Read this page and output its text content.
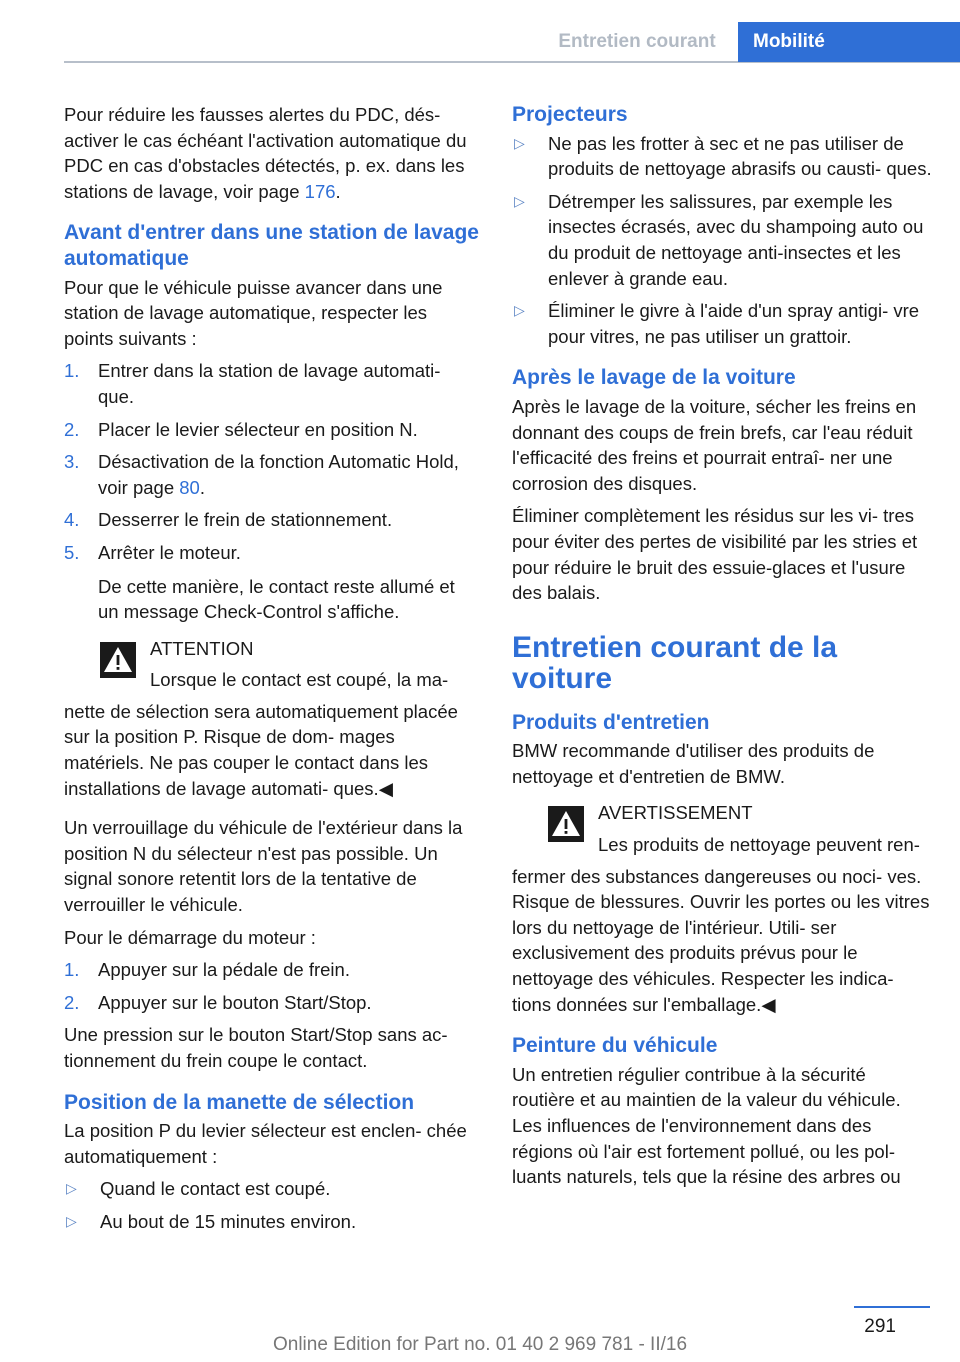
Entretien courant	Mobilité

Pour réduire les fausses alertes du PDC, dés- activer le cas échéant l'activation automatique du PDC en cas d'obstacles détectés, p. ex. dans les stations de lavage, voir page 176.

Avant d'entrer dans une station de lavage automatique

Pour que le véhicule puisse avancer dans une station de lavage automatique, respecter les points suivants :

1.	Entrer dans la station de lavage automati‐ que.
2.	Placer le levier sélecteur en position N.
3.	Désactivation de la fonction Automatic Hold, voir page 80.
4.	Desserrer le frein de stationnement.
5.	Arrêter le moteur.
De cette manière, le contact reste allumé et un message Check-Control s'affiche.
ATTENTION
Lorsque le contact est coupé, la ma‐
nette de sélection sera automatiquement placée sur la position P. Risque de dom‐ mages matériels. Ne pas couper le contact dans les installations de lavage automati‐ ques.◀

Un verrouillage du véhicule de l'extérieur dans la position N du sélecteur n'est pas possible. Un signal sonore retentit lors de la tentative de verrouiller le véhicule.

Pour le démarrage du moteur :

1.	Appuyer sur la pédale de frein.
2.	Appuyer sur le bouton Start/Stop.

Une pression sur le bouton Start/Stop sans ac‐ tionnement du frein coupe le contact.

Position de la manette de sélection

La position P du levier sélecteur est enclen‐ chée automatiquement :

▷	Quand le contact est coupé.
▷	Au bout de 15 minutes environ.
Projecteurs
▷	Ne pas les frotter à sec et ne pas utiliser de produits de nettoyage abrasifs ou causti‐ ques.
▷	Détremper les salissures, par exemple les insectes écrasés, avec du shampoing auto ou du produit de nettoyage anti-insectes et les enlever à grande eau.
▷	Éliminer le givre à l'aide d'un spray antigi‐ vre pour vitres, ne pas utiliser un grattoir.
Après le lavage de la voiture

Après le lavage de la voiture, sécher les freins en donnant des coups de frein brefs, car l'eau réduit l'efficacité des freins et pourrait entraî‐ ner une corrosion des disques.

Éliminer complètement les résidus sur les vi‐ tres pour éviter des pertes de visibilité par les stries et pour réduire le bruit des essuie-glaces et l'usure des balais.

Entretien courant de la voiture
Produits d'entretien

BMW recommande d'utiliser des produits de nettoyage et d'entretien de BMW.

AVERTISSEMENT
Les produits de nettoyage peuvent ren‐
fermer des substances dangereuses ou noci‐ ves. Risque de blessures. Ouvrir les portes ou les vitres lors du nettoyage de l'intérieur. Utili‐ ser exclusivement des produits prévus pour le nettoyage des véhicules. Respecter les indica‐ tions données sur l'emballage.◀
Peinture du véhicule

Un entretien régulier contribue à la sécurité routière et au maintien de la valeur du véhicule. Les influences de l'environnement dans des régions où l'air est fortement pollué, ou les pol‐ luants naturels, tels que la résine des arbres ou

291
Online Edition for Part no. 01 40 2 969 781 - II/16
